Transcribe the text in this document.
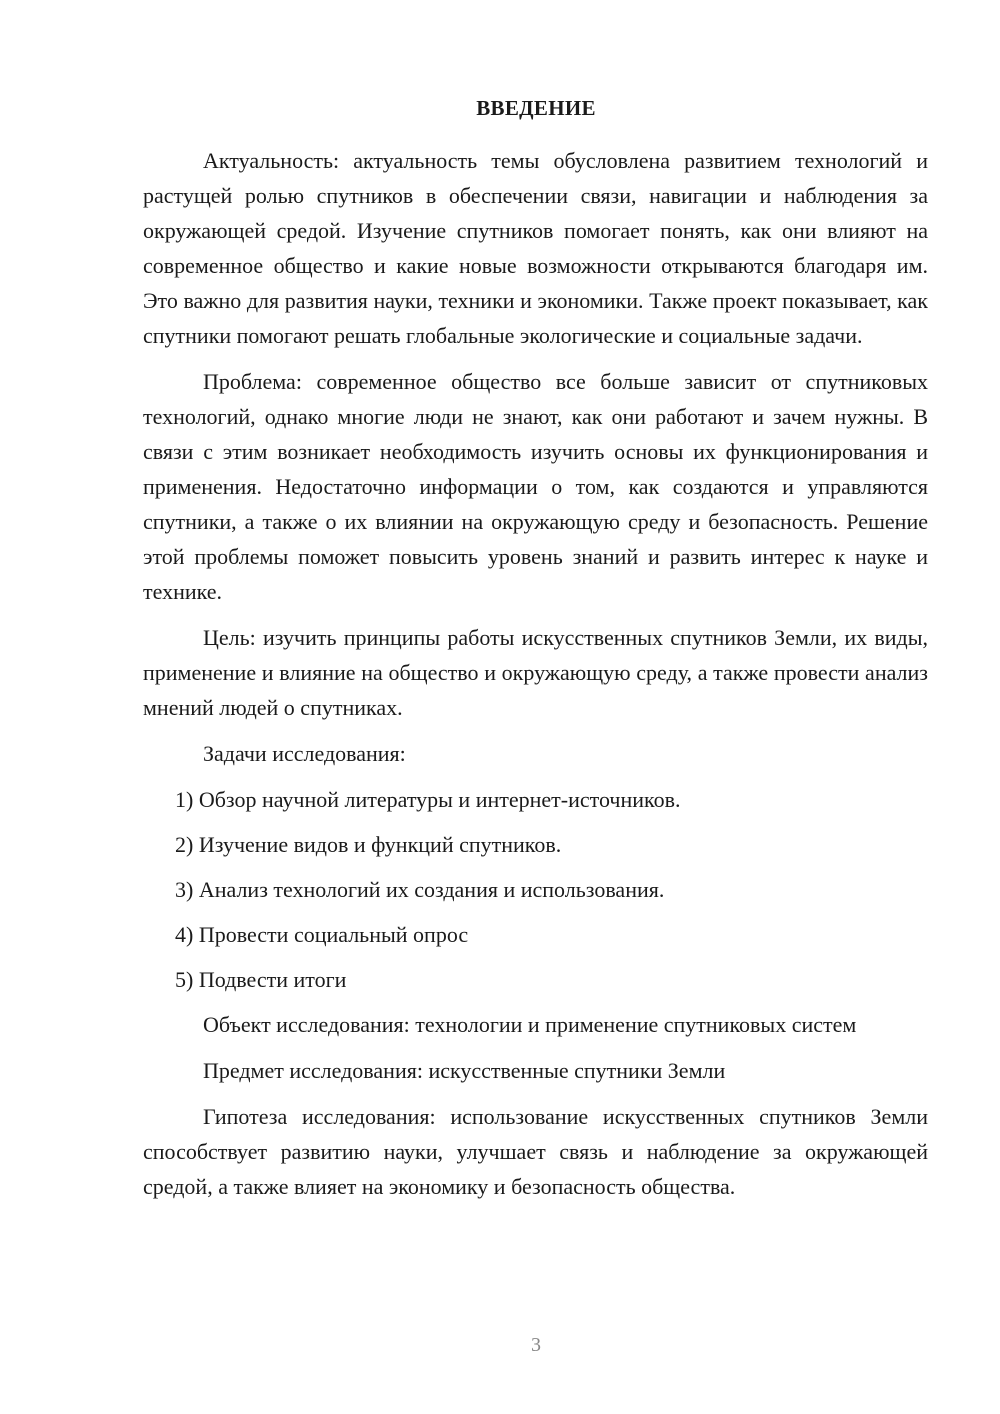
ВВЕДЕНИЕ

Актуальность: актуальность темы обусловлена развитием технологий и растущей ролью спутников в обеспечении связи, навигации и наблюдения за окружающей средой. Изучение спутников помогает понять, как они влияют на современное общество и какие новые возможности открываются благодаря им. Это важно для развития науки, техники и экономики. Также проект показывает, как спутники помогают решать глобальные экологические и социальные задачи.

Проблема: современное общество все больше зависит от спутниковых технологий, однако многие люди не знают, как они работают и зачем нужны. В связи с этим возникает необходимость изучить основы их функционирования и применения. Недостаточно информации о том, как создаются и управляются спутники, а также о их влиянии на окружающую среду и безопасность. Решение этой проблемы поможет повысить уровень знаний и развить интерес к науке и технике.

Цель: изучить принципы работы искусственных спутников Земли, их виды, применение и влияние на общество и окружающую среду, а также провести анализ мнений людей о спутниках.

Задачи исследования:

1) Обзор научной литературы и интернет-источников.
2) Изучение видов и функций спутников.
3) Анализ технологий их создания и использования.
4) Провести социальный опрос
5) Подвести итоги

Объект исследования: технологии и применение спутниковых систем

Предмет исследования: искусственные спутники Земли

Гипотеза исследования: использование искусственных спутников Земли способствует развитию науки, улучшает связь и наблюдение за окружающей средой, а также влияет на экономику и безопасность общества.

3
